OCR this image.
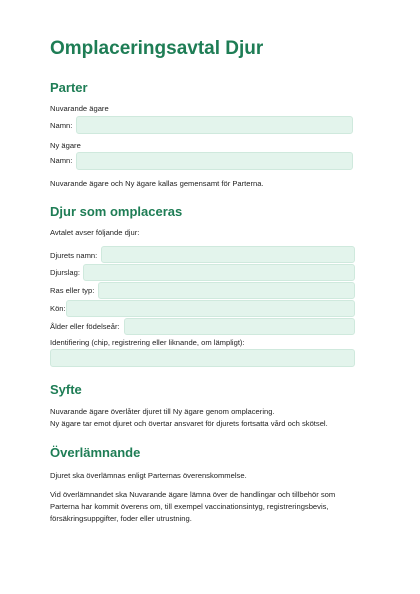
Omplaceringsavtal Djur
Parter
Nuvarande ägare
Namn:
Ny ägare
Namn:
Nuvarande ägare och Ny ägare kallas gemensamt för Parterna.
Djur som omplaceras
Avtalet avser följande djur:
Djurets namn:
Djurslag:
Ras eller typ:
Kön:
Ålder eller födelseår:
Identifiering (chip, registrering eller liknande, om lämpligt):
Syfte
Nuvarande ägare överlåter djuret till Ny ägare genom omplacering.
Ny ägare tar emot djuret och övertar ansvaret för djurets fortsatta vård och skötsel.
Överlämnande
Djuret ska överlämnas enligt Parternas överenskommelse.
Vid överlämnandet ska Nuvarande ägare lämna över de handlingar och tillbehör som
Parterna har kommit överens om, till exempel vaccinationsintyg, registreringsbevis,
försäkringsuppgifter, foder eller utrustning.
